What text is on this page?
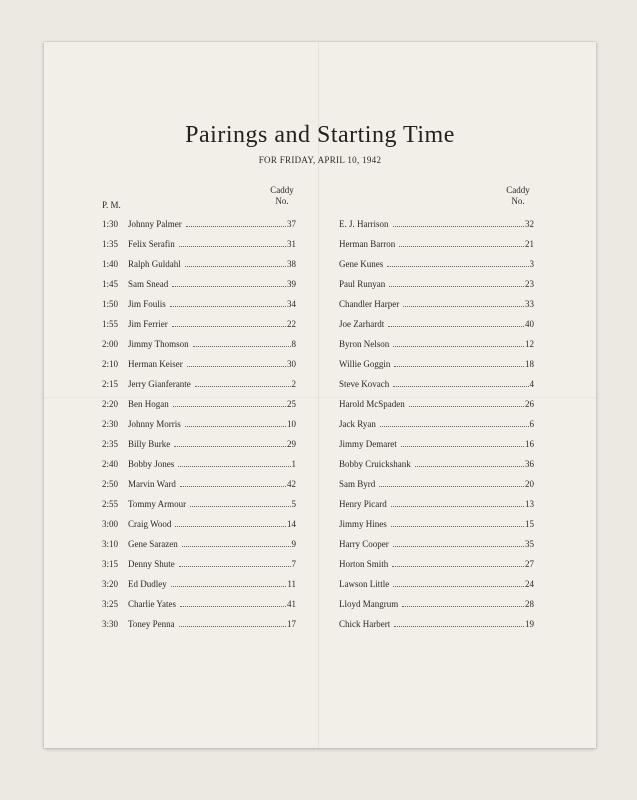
Pairings and Starting Time
FOR FRIDAY, APRIL 10, 1942
P. M.
Caddy
No.
Caddy
No.
1:30	Johnny Palmer	37	E. J. Harrison	32
1:35	Felix Serafin	31	Herman Barron	21
1:40	Ralph Guldahl	38	Gene Kunes	3
1:45	Sam Snead	39	Paul Runyan	23
1:50	Jim Foulis	34	Chandler Harper	33
1:55	Jim Ferrier	22	Joe Zarhardt	40
2:00	Jimmy Thomson	8	Byron Nelson	12
2:10	Herman Keiser	30	Willie Goggin	18
2:15	Jerry Gianferante	2	Steve Kovach	4
2:20	Ben Hogan	25	Harold McSpaden	26
2:30	Johnny Morris	10	Jack Ryan	6
2:35	Billy Burke	29	Jimmy Demaret	16
2:40	Bobby Jones	1	Bobby Cruickshank	36
2:50	Marvin Ward	42	Sam Byrd	20
2:55	Tommy Armour	5	Henry Picard	13
3:00	Craig Wood	14	Jimmy Hines	15
3:10	Gene Sarazen	9	Harry Cooper	35
3:15	Denny Shute	7	Horton Smith	27
3:20	Ed Dudley	11	Lawson Little	24
3:25	Charlie Yates	41	Lloyd Mangrum	28
3:30	Toney Penna	17	Chick Harbert	19
